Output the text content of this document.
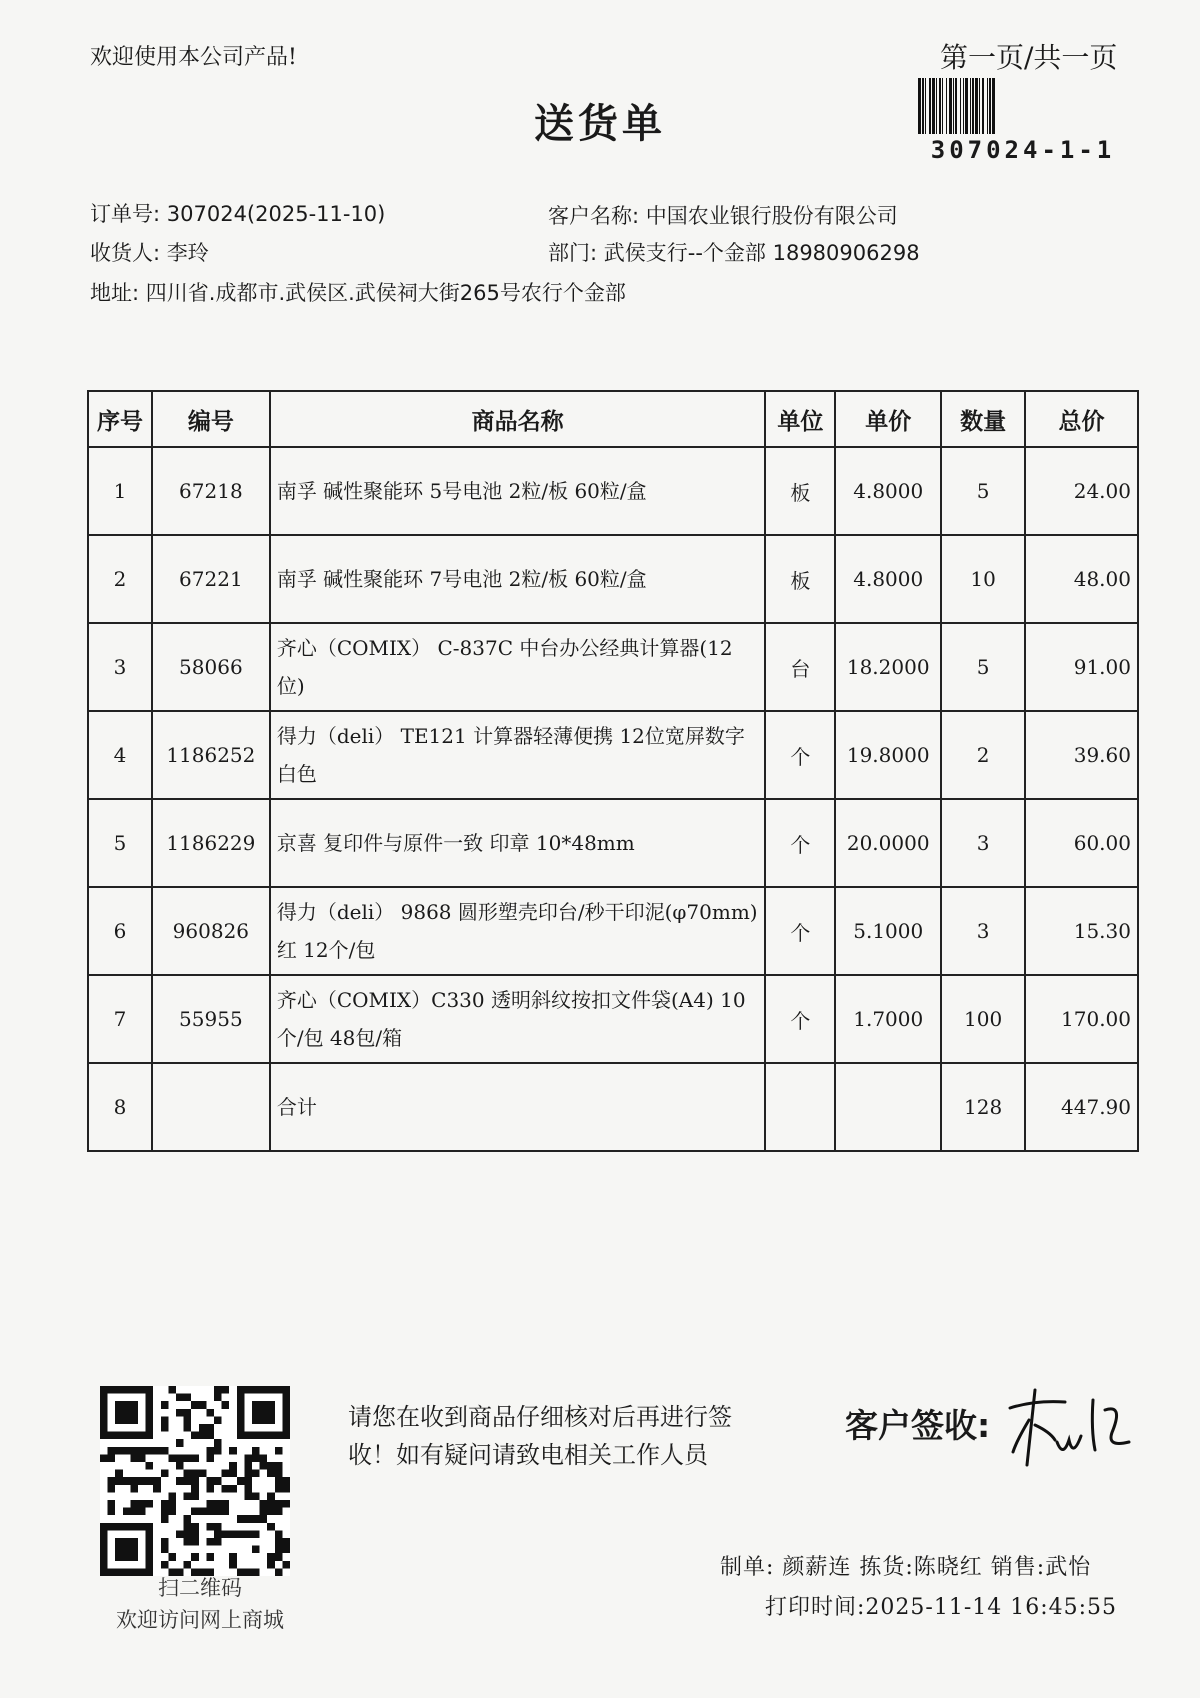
欢迎使用本公司产品!	第一页/共一页
307024-1-1
送货单
订单号: 307024(2025-11-10)	客户名称: 中国农业银行股份有限公司
收货人: 李玲	部门: 武侯支行--个金部 18980906298
地址: 四川省.成都市.武侯区.武侯祠大街265号农行个金部
序号	编号	商品名称	单位	单价	数量	总价
1	67218	南孚 碱性聚能环 5号电池 2粒/板 60粒/盒	板	4.8000	5	24.00
2	67221	南孚 碱性聚能环 7号电池 2粒/板 60粒/盒	板	4.8000	10	48.00
3	58066	齐心（COMIX） C-837C 中台办公经典计算器(12位)	台	18.2000	5	91.00
4	1186252	得力（deli） TE121 计算器轻薄便携 12位宽屏数字 白色	个	19.8000	2	39.60
5	1186229	京喜 复印件与原件一致 印章 10*48mm	个	20.0000	3	60.00
6	960826	得力（deli） 9868 圆形塑壳印台/秒干印泥(φ70mm)红 12个/包	个	5.1000	3	15.30
7	55955	齐心（COMIX）C330 透明斜纹按扣文件袋(A4) 10个/包 48包/箱	个	1.7000	100	170.00
8		合计			128	447.90
扫二维码
欢迎访问网上商城
请您在收到商品仔细核对后再进行签收！如有疑问请致电相关工作人员
客户签收:
制单: 颜薪连 拣货:陈晓红 销售:武怡
打印时间:2025-11-14 16:45:55
